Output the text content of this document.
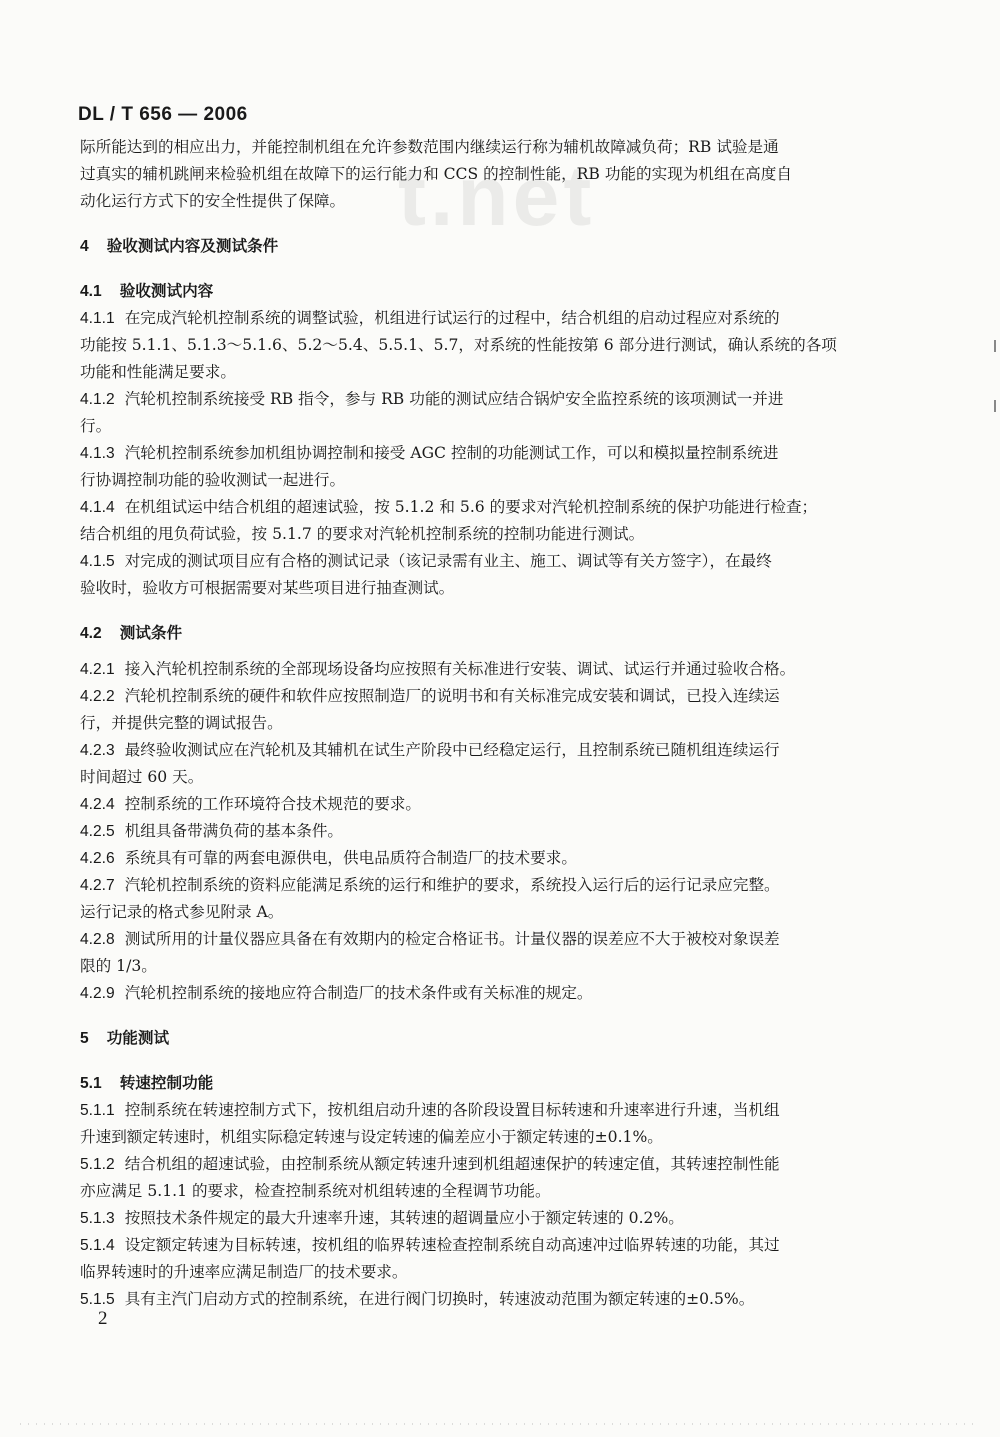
t.net
DL / T 656 — 2006

际所能达到的相应出力，并能控制机组在允许参数范围内继续运行称为辅机故障减负荷；RB 试验是通

过真实的辅机跳闸来检验机组在故障下的运行能力和 CCS 的控制性能，RB 功能的实现为机组在高度自

动化运行方式下的安全性提供了保障。

4 验收测试内容及测试条件

4.1 验收测试内容

4.1.1 在完成汽轮机控制系统的调整试验，机组进行试运行的过程中，结合机组的启动过程应对系统的

功能按 5.1.1、5.1.3～5.1.6、5.2～5.4、5.5.1、5.7，对系统的性能按第 6 部分进行测试，确认系统的各项

功能和性能满足要求。

4.1.2 汽轮机控制系统接受 RB 指令，参与 RB 功能的测试应结合锅炉安全监控系统的该项测试一并进

行。

4.1.3 汽轮机控制系统参加机组协调控制和接受 AGC 控制的功能测试工作，可以和模拟量控制系统进

行协调控制功能的验收测试一起进行。

4.1.4 在机组试运中结合机组的超速试验，按 5.1.2 和 5.6 的要求对汽轮机控制系统的保护功能进行检查；

结合机组的甩负荷试验，按 5.1.7 的要求对汽轮机控制系统的控制功能进行测试。

4.1.5 对完成的测试项目应有合格的测试记录（该记录需有业主、施工、调试等有关方签字），在最终

验收时，验收方可根据需要对某些项目进行抽查测试。

4.2 测试条件

4.2.1 接入汽轮机控制系统的全部现场设备均应按照有关标准进行安装、调试、试运行并通过验收合格。

4.2.2 汽轮机控制系统的硬件和软件应按照制造厂的说明书和有关标准完成安装和调试，已投入连续运

行，并提供完整的调试报告。

4.2.3 最终验收测试应在汽轮机及其辅机在试生产阶段中已经稳定运行，且控制系统已随机组连续运行

时间超过 60 天。

4.2.4 控制系统的工作环境符合技术规范的要求。

4.2.5 机组具备带满负荷的基本条件。

4.2.6 系统具有可靠的两套电源供电，供电品质符合制造厂的技术要求。

4.2.7 汽轮机控制系统的资料应能满足系统的运行和维护的要求，系统投入运行后的运行记录应完整。

运行记录的格式参见附录 A。

4.2.8 测试所用的计量仪器应具备在有效期内的检定合格证书。计量仪器的误差应不大于被校对象误差

限的 1/3。

4.2.9 汽轮机控制系统的接地应符合制造厂的技术条件或有关标准的规定。

5 功能测试

5.1 转速控制功能

5.1.1 控制系统在转速控制方式下，按机组启动升速的各阶段设置目标转速和升速率进行升速，当机组

升速到额定转速时，机组实际稳定转速与设定转速的偏差应小于额定转速的±0.1%。

5.1.2 结合机组的超速试验，由控制系统从额定转速升速到机组超速保护的转速定值，其转速控制性能

亦应满足 5.1.1 的要求，检查控制系统对机组转速的全程调节功能。

5.1.3 按照技术条件规定的最大升速率升速，其转速的超调量应小于额定转速的 0.2%。

5.1.4 设定额定转速为目标转速，按机组的临界转速检查控制系统自动高速冲过临界转速的功能，其过

临界转速时的升速率应满足制造厂的技术要求。

5.1.5 具有主汽门启动方式的控制系统，在进行阀门切换时，转速波动范围为额定转速的±0.5%。

2
